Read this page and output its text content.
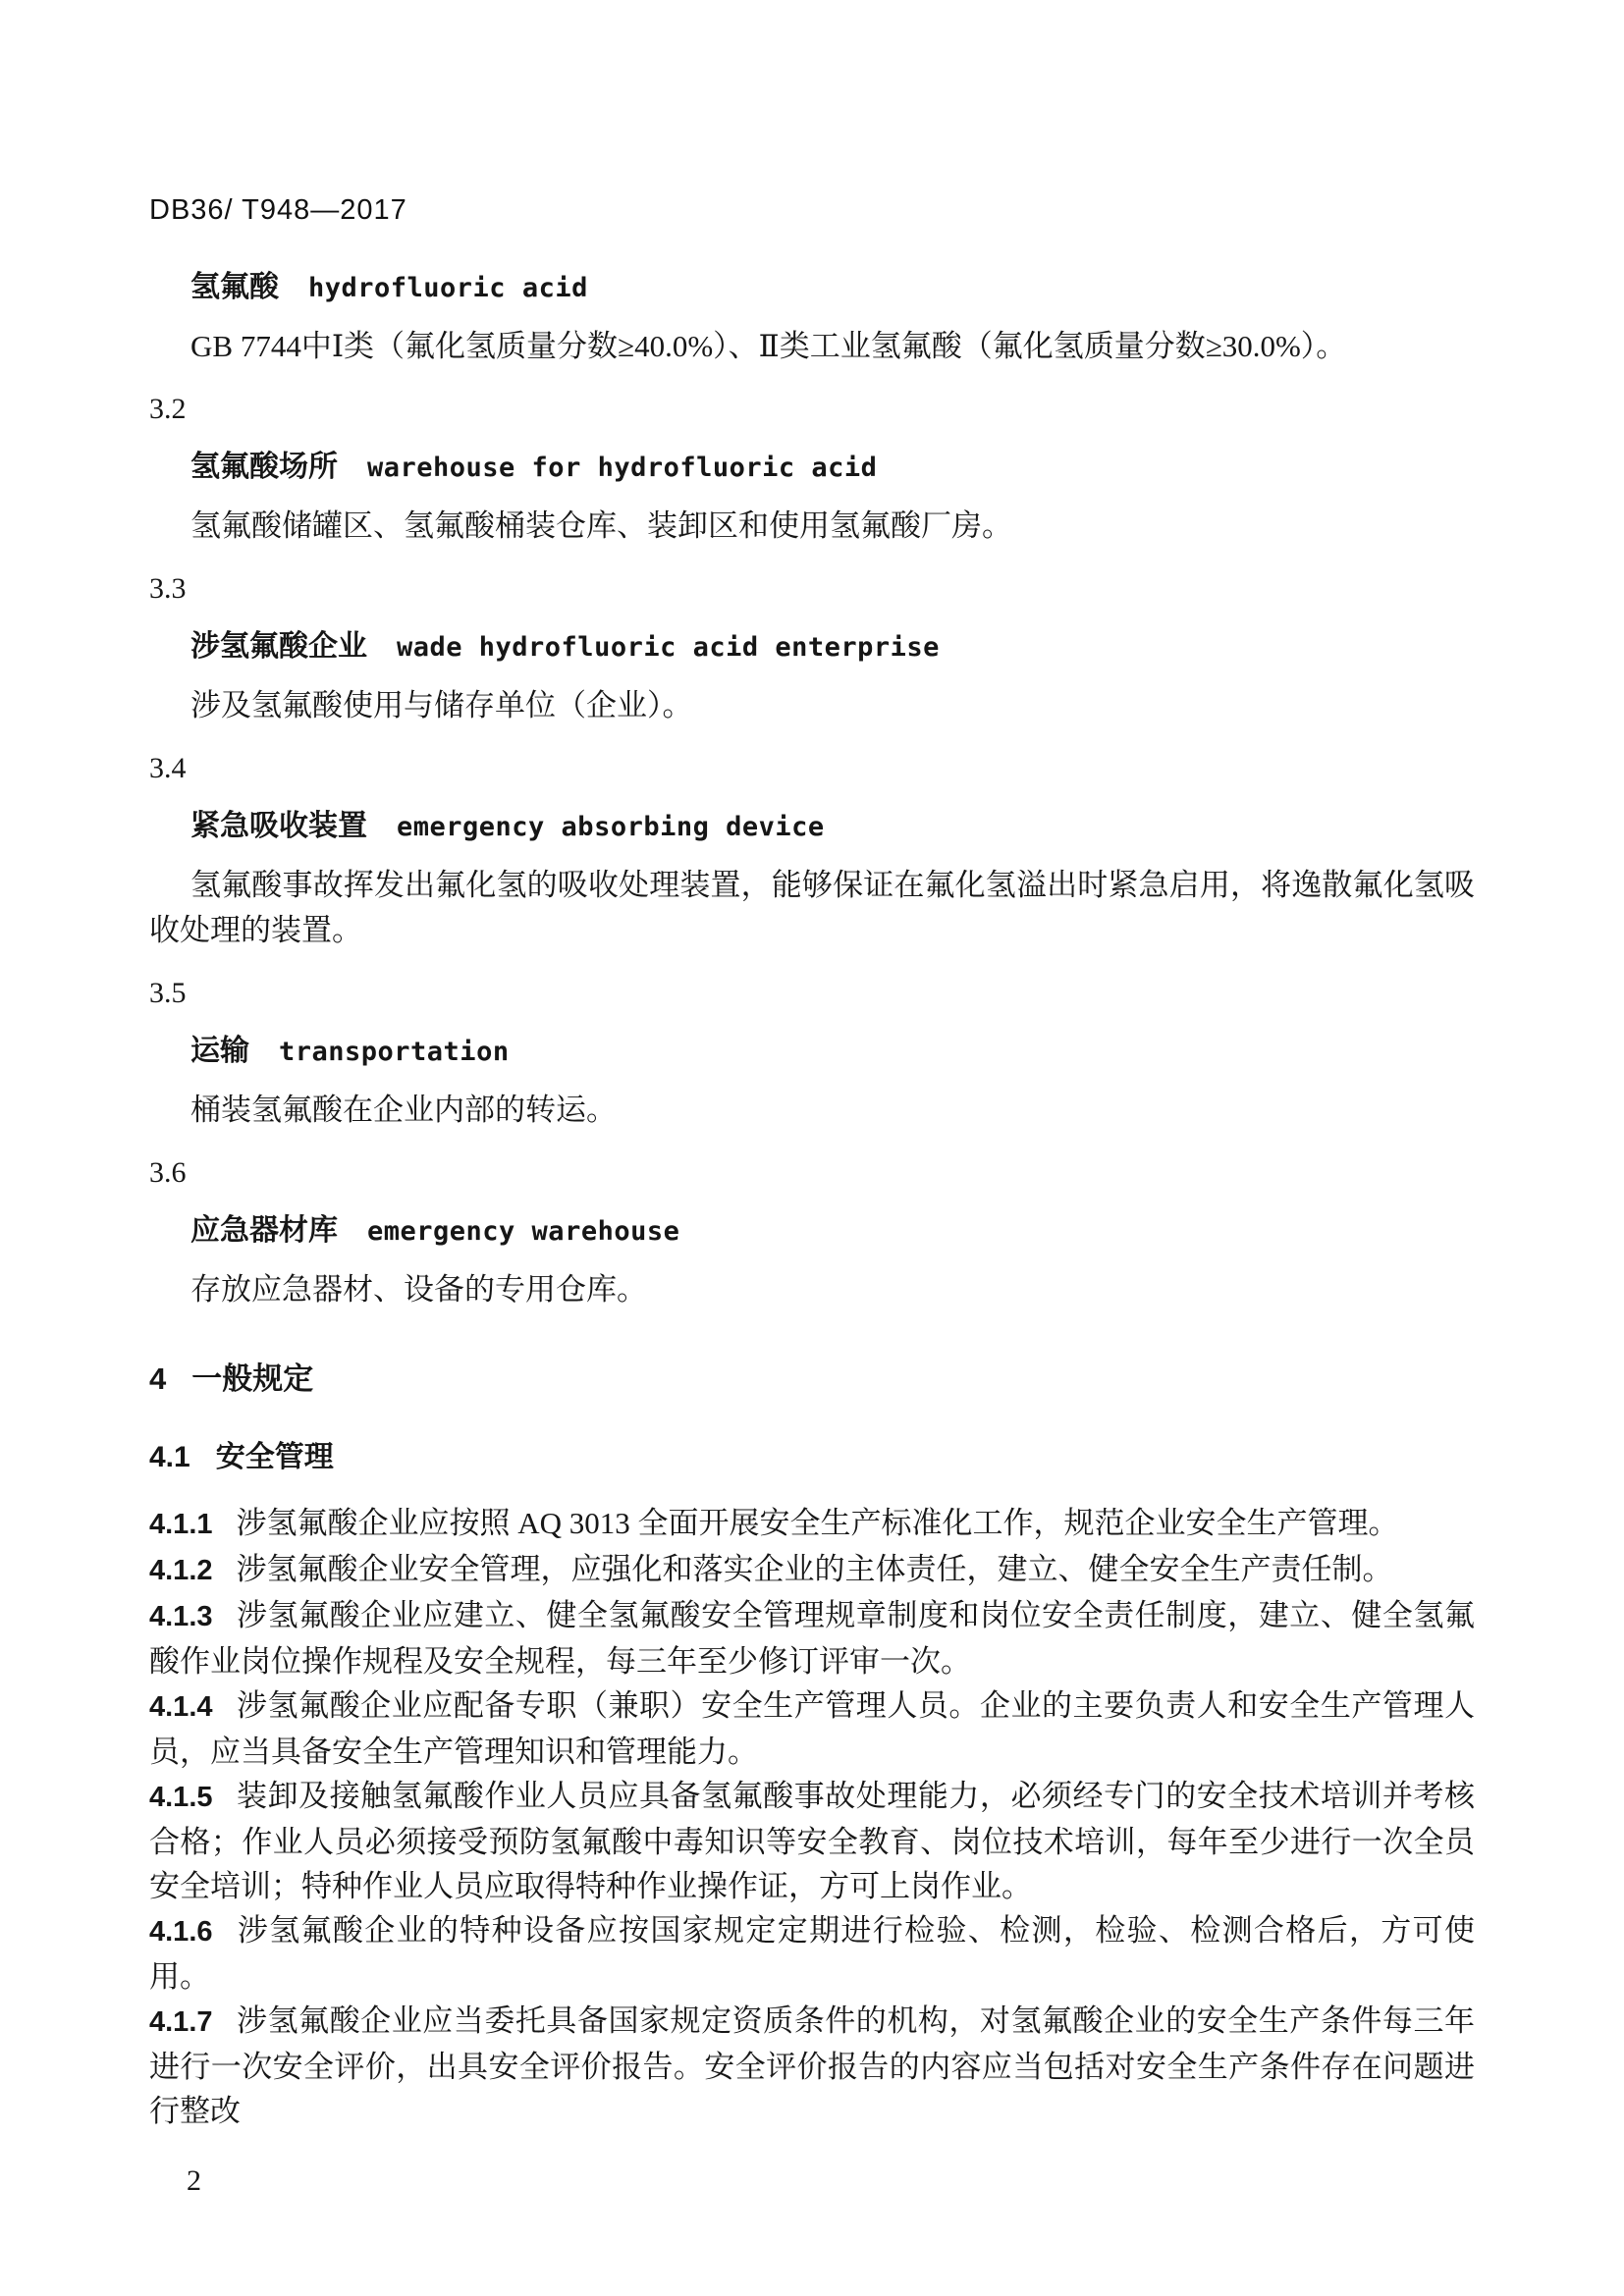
DB36/ T948—2017

氢氟酸 hydrofluoric acid

GB 7744中Ⅰ类（氟化氢质量分数≥40.0%）、Ⅱ类工业氢氟酸（氟化氢质量分数≥30.0%）。

3.2

氢氟酸场所 warehouse for hydrofluoric acid

氢氟酸储罐区、氢氟酸桶装仓库、装卸区和使用氢氟酸厂房。

3.3

涉氢氟酸企业 wade hydrofluoric acid enterprise

涉及氢氟酸使用与储存单位（企业）。

3.4

紧急吸收装置 emergency absorbing device

氢氟酸事故挥发出氟化氢的吸收处理装置，能够保证在氟化氢溢出时紧急启用，将逸散氟化氢吸收处理的装置。

3.5

运输 transportation

桶装氢氟酸在企业内部的转运。

3.6

应急器材库 emergency warehouse

存放应急器材、设备的专用仓库。

4 一般规定

4.1 安全管理

4.1.1 涉氢氟酸企业应按照 AQ 3013 全面开展安全生产标准化工作，规范企业安全生产管理。

4.1.2 涉氢氟酸企业安全管理，应强化和落实企业的主体责任，建立、健全安全生产责任制。

4.1.3 涉氢氟酸企业应建立、健全氢氟酸安全管理规章制度和岗位安全责任制度，建立、健全氢氟酸作业岗位操作规程及安全规程，每三年至少修订评审一次。

4.1.4 涉氢氟酸企业应配备专职（兼职）安全生产管理人员。企业的主要负责人和安全生产管理人员，应当具备安全生产管理知识和管理能力。

4.1.5 装卸及接触氢氟酸作业人员应具备氢氟酸事故处理能力，必须经专门的安全技术培训并考核合格；作业人员必须接受预防氢氟酸中毒知识等安全教育、岗位技术培训，每年至少进行一次全员安全培训；特种作业人员应取得特种作业操作证，方可上岗作业。

4.1.6 涉氢氟酸企业的特种设备应按国家规定定期进行检验、检测，检验、检测合格后，方可使用。

4.1.7 涉氢氟酸企业应当委托具备国家规定资质条件的机构，对氢氟酸企业的安全生产条件每三年进行一次安全评价，出具安全评价报告。安全评价报告的内容应当包括对安全生产条件存在问题进行整改

2
